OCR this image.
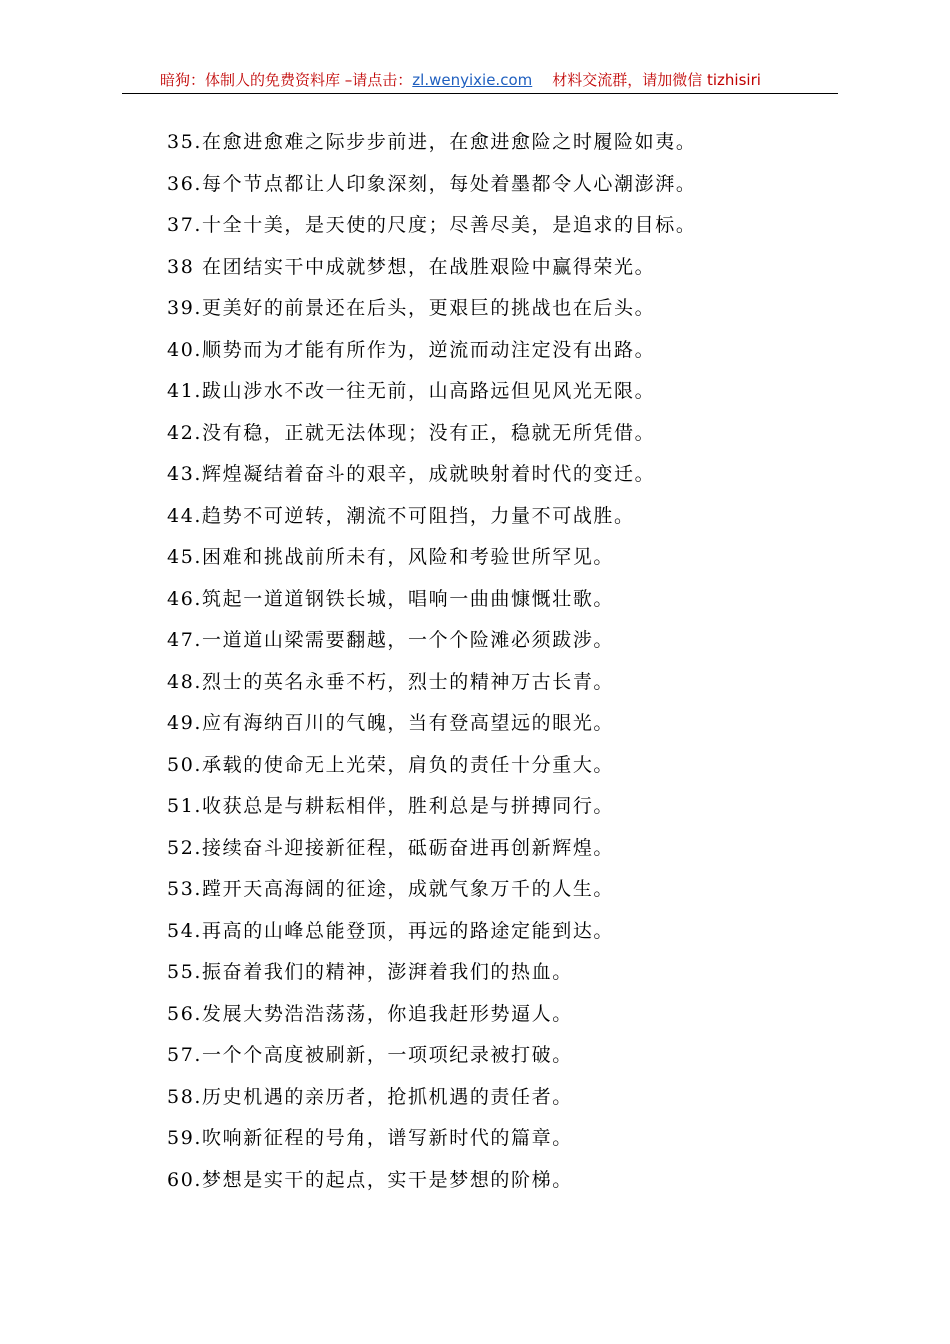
暗狗：体制人的免费资料库 –请点击：zl.wenyixie.com 材料交流群，请加微信 tizhisiri
35.在愈进愈难之际步步前进，在愈进愈险之时履险如夷。
36.每个节点都让人印象深刻，每处着墨都令人心潮澎湃。
37.十全十美，是天使的尺度；尽善尽美，是追求的目标。
38 在团结实干中成就梦想，在战胜艰险中赢得荣光。
39.更美好的前景还在后头，更艰巨的挑战也在后头。
40.顺势而为才能有所作为，逆流而动注定没有出路。
41.跋山涉水不改一往无前，山高路远但见风光无限。
42.没有稳，正就无法体现；没有正，稳就无所凭借。
43.辉煌凝结着奋斗的艰辛，成就映射着时代的变迁。
44.趋势不可逆转，潮流不可阻挡，力量不可战胜。
45.困难和挑战前所未有，风险和考验世所罕见。
46.筑起一道道钢铁长城，唱响一曲曲慷慨壮歌。
47.一道道山梁需要翻越，一个个险滩必须跋涉。
48.烈士的英名永垂不朽，烈士的精神万古长青。
49.应有海纳百川的气魄，当有登高望远的眼光。
50.承载的使命无上光荣，肩负的责任十分重大。
51.收获总是与耕耘相伴，胜利总是与拼搏同行。
52.接续奋斗迎接新征程，砥砺奋进再创新辉煌。
53.蹚开天高海阔的征途，成就气象万千的人生。
54.再高的山峰总能登顶，再远的路途定能到达。
55.振奋着我们的精神，澎湃着我们的热血。
56.发展大势浩浩荡荡，你追我赶形势逼人。
57.一个个高度被刷新，一项项纪录被打破。
58.历史机遇的亲历者，抢抓机遇的责任者。
59.吹响新征程的号角，谱写新时代的篇章。
60.梦想是实干的起点，实干是梦想的阶梯。
